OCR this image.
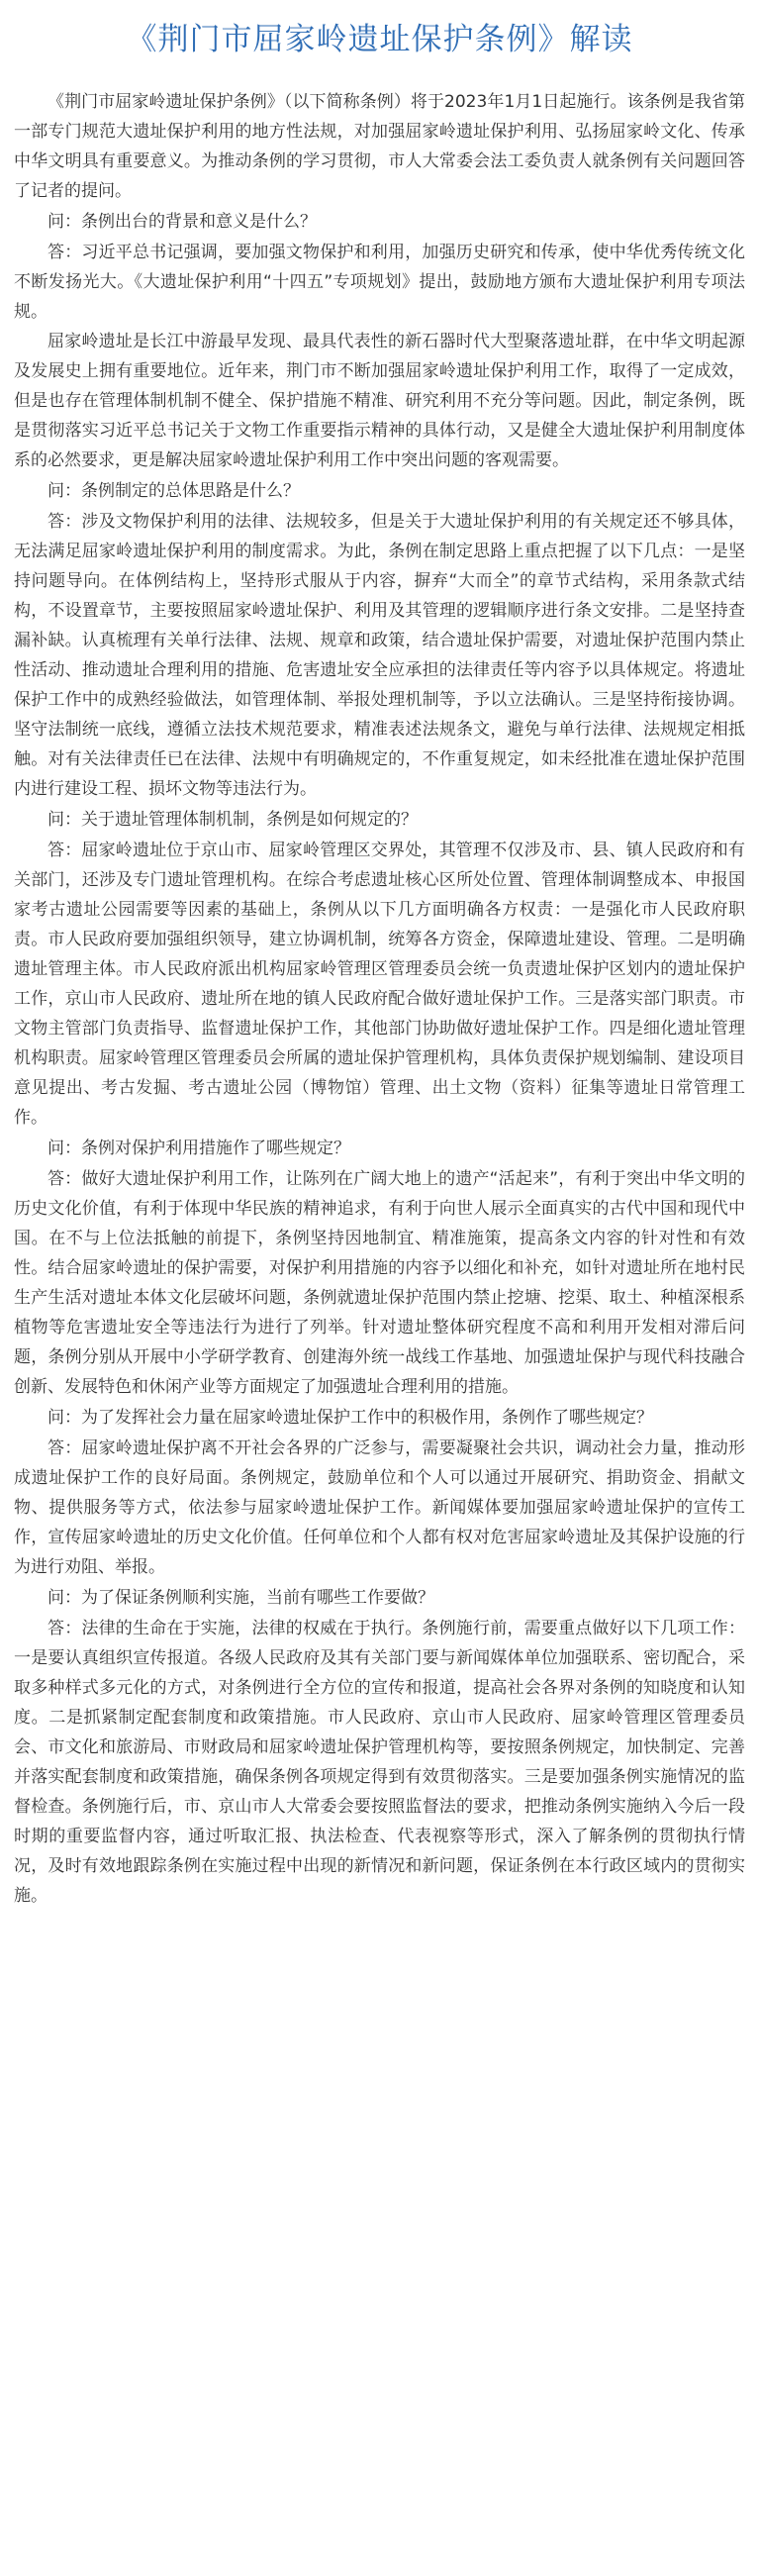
《荆门市屈家岭遗址保护条例》解读

《荆门市屈家岭遗址保护条例》（以下简称条例）将于2023年1月1日起施行。该条例是我省第一部专门规范大遗址保护利用的地方性法规，对加强屈家岭遗址保护利用、弘扬屈家岭文化、传承中华文明具有重要意义。为推动条例的学习贯彻，市人大常委会法工委负责人就条例有关问题回答了记者的提问。

问：条例出台的背景和意义是什么？

答：习近平总书记强调，要加强文物保护和利用，加强历史研究和传承，使中华优秀传统文化不断发扬光大。《大遗址保护利用“十四五”专项规划》提出，鼓励地方颁布大遗址保护利用专项法规。

屈家岭遗址是长江中游最早发现、最具代表性的新石器时代大型聚落遗址群，在中华文明起源及发展史上拥有重要地位。近年来，荆门市不断加强屈家岭遗址保护利用工作，取得了一定成效，但是也存在管理体制机制不健全、保护措施不精准、研究利用不充分等问题。因此，制定条例，既是贯彻落实习近平总书记关于文物工作重要指示精神的具体行动，又是健全大遗址保护利用制度体系的必然要求，更是解决屈家岭遗址保护利用工作中突出问题的客观需要。

问：条例制定的总体思路是什么？

答：涉及文物保护利用的法律、法规较多，但是关于大遗址保护利用的有关规定还不够具体，无法满足屈家岭遗址保护利用的制度需求。为此，条例在制定思路上重点把握了以下几点：一是坚持问题导向。在体例结构上，坚持形式服从于内容，摒弃“大而全”的章节式结构，采用条款式结构，不设置章节，主要按照屈家岭遗址保护、利用及其管理的逻辑顺序进行条文安排。二是坚持查漏补缺。认真梳理有关单行法律、法规、规章和政策，结合遗址保护需要，对遗址保护范围内禁止性活动、推动遗址合理利用的措施、危害遗址安全应承担的法律责任等内容予以具体规定。将遗址保护工作中的成熟经验做法，如管理体制、举报处理机制等，予以立法确认。三是坚持衔接协调。坚守法制统一底线，遵循立法技术规范要求，精准表述法规条文，避免与单行法律、法规规定相抵触。对有关法律责任已在法律、法规中有明确规定的，不作重复规定，如未经批准在遗址保护范围内进行建设工程、损坏文物等违法行为。

问：关于遗址管理体制机制，条例是如何规定的？

答：屈家岭遗址位于京山市、屈家岭管理区交界处，其管理不仅涉及市、县、镇人民政府和有关部门，还涉及专门遗址管理机构。在综合考虑遗址核心区所处位置、管理体制调整成本、申报国家考古遗址公园需要等因素的基础上，条例从以下几方面明确各方权责：一是强化市人民政府职责。市人民政府要加强组织领导，建立协调机制，统筹各方资金，保障遗址建设、管理。二是明确遗址管理主体。市人民政府派出机构屈家岭管理区管理委员会统一负责遗址保护区划内的遗址保护工作，京山市人民政府、遗址所在地的镇人民政府配合做好遗址保护工作。三是落实部门职责。市文物主管部门负责指导、监督遗址保护工作，其他部门协助做好遗址保护工作。四是细化遗址管理机构职责。屈家岭管理区管理委员会所属的遗址保护管理机构，具体负责保护规划编制、建设项目意见提出、考古发掘、考古遗址公园（博物馆）管理、出土文物（资料）征集等遗址日常管理工作。

问：条例对保护利用措施作了哪些规定？

答：做好大遗址保护利用工作，让陈列在广阔大地上的遗产“活起来”，有利于突出中华文明的历史文化价值，有利于体现中华民族的精神追求，有利于向世人展示全面真实的古代中国和现代中国。在不与上位法抵触的前提下，条例坚持因地制宜、精准施策，提高条文内容的针对性和有效性。结合屈家岭遗址的保护需要，对保护利用措施的内容予以细化和补充，如针对遗址所在地村民生产生活对遗址本体文化层破坏问题，条例就遗址保护范围内禁止挖塘、挖渠、取土、种植深根系植物等危害遗址安全等违法行为进行了列举。针对遗址整体研究程度不高和利用开发相对滞后问题，条例分别从开展中小学研学教育、创建海外统一战线工作基地、加强遗址保护与现代科技融合创新、发展特色和休闲产业等方面规定了加强遗址合理利用的措施。

问：为了发挥社会力量在屈家岭遗址保护工作中的积极作用，条例作了哪些规定？

答：屈家岭遗址保护离不开社会各界的广泛参与，需要凝聚社会共识，调动社会力量，推动形成遗址保护工作的良好局面。条例规定，鼓励单位和个人可以通过开展研究、捐助资金、捐献文物、提供服务等方式，依法参与屈家岭遗址保护工作。新闻媒体要加强屈家岭遗址保护的宣传工作，宣传屈家岭遗址的历史文化价值。任何单位和个人都有权对危害屈家岭遗址及其保护设施的行为进行劝阻、举报。

问：为了保证条例顺利实施，当前有哪些工作要做？

答：法律的生命在于实施，法律的权威在于执行。条例施行前，需要重点做好以下几项工作：一是要认真组织宣传报道。各级人民政府及其有关部门要与新闻媒体单位加强联系、密切配合，采取多种样式多元化的方式，对条例进行全方位的宣传和报道，提高社会各界对条例的知晓度和认知度。二是抓紧制定配套制度和政策措施。市人民政府、京山市人民政府、屈家岭管理区管理委员会、市文化和旅游局、市财政局和屈家岭遗址保护管理机构等，要按照条例规定，加快制定、完善并落实配套制度和政策措施，确保条例各项规定得到有效贯彻落实。三是要加强条例实施情况的监督检查。条例施行后，市、京山市人大常委会要按照监督法的要求，把推动条例实施纳入今后一段时期的重要监督内容，通过听取汇报、执法检查、代表视察等形式，深入了解条例的贯彻执行情况，及时有效地跟踪条例在实施过程中出现的新情况和新问题，保证条例在本行政区域内的贯彻实施。
